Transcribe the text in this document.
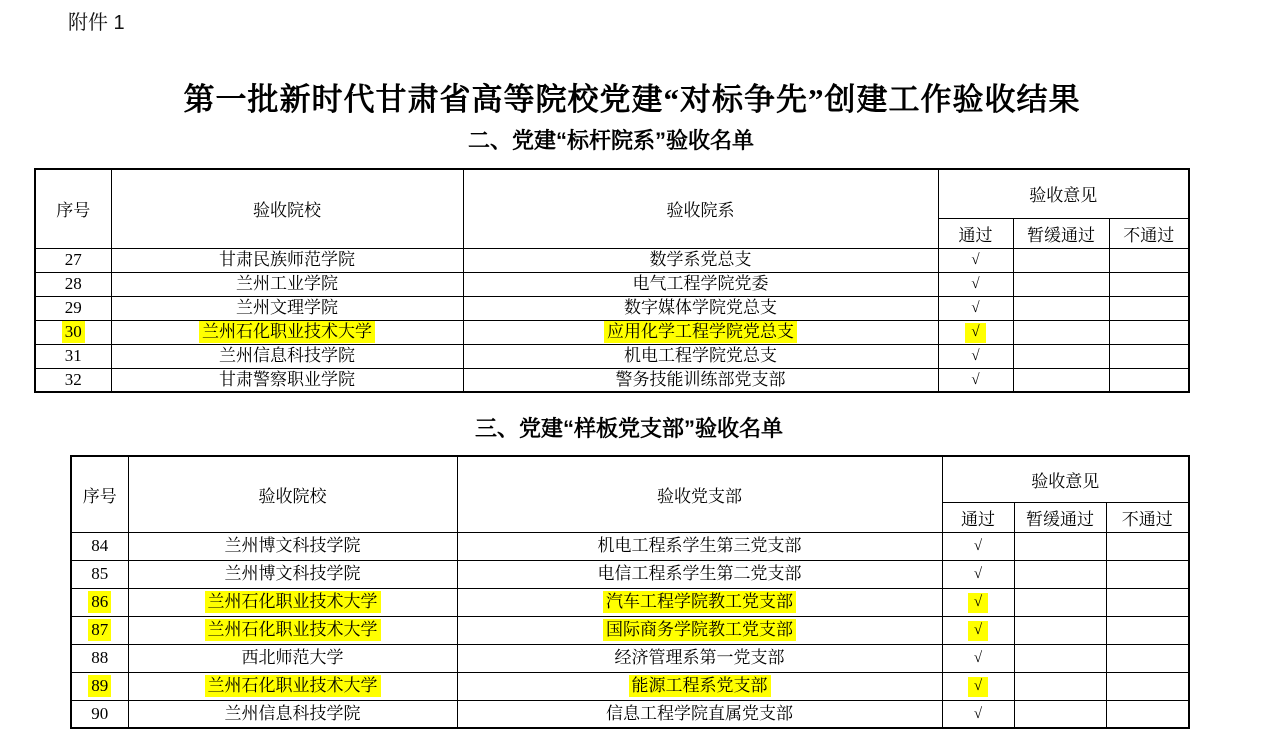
附件 1
第一批新时代甘肃省高等院校党建“对标争先”创建工作验收结果
二、党建“标杆院系”验收名单
序号	验收院校	验收院系	验收意见		
			通过	暂缓通过	不通过
27	甘肃民族师范学院	数学系党总支	√		
28	兰州工业学院	电气工程学院党委	√		
29	兰州文理学院	数字媒体学院党总支	√		
30	兰州石化职业技术大学	应用化学工程学院党总支	√		
31	兰州信息科技学院	机电工程学院党总支	√		
32	甘肃警察职业学院	警务技能训练部党支部	√		
三、党建“样板党支部”验收名单
序号	验收院校	验收党支部	验收意见		
			通过	暂缓通过	不通过
84	兰州博文科技学院	机电工程系学生第三党支部	√		
85	兰州博文科技学院	电信工程系学生第二党支部	√		
86	兰州石化职业技术大学	汽车工程学院教工党支部	√		
87	兰州石化职业技术大学	国际商务学院教工党支部	√		
88	西北师范大学	经济管理系第一党支部	√		
89	兰州石化职业技术大学	能源工程系党支部	√		
90	兰州信息科技学院	信息工程学院直属党支部	√		
